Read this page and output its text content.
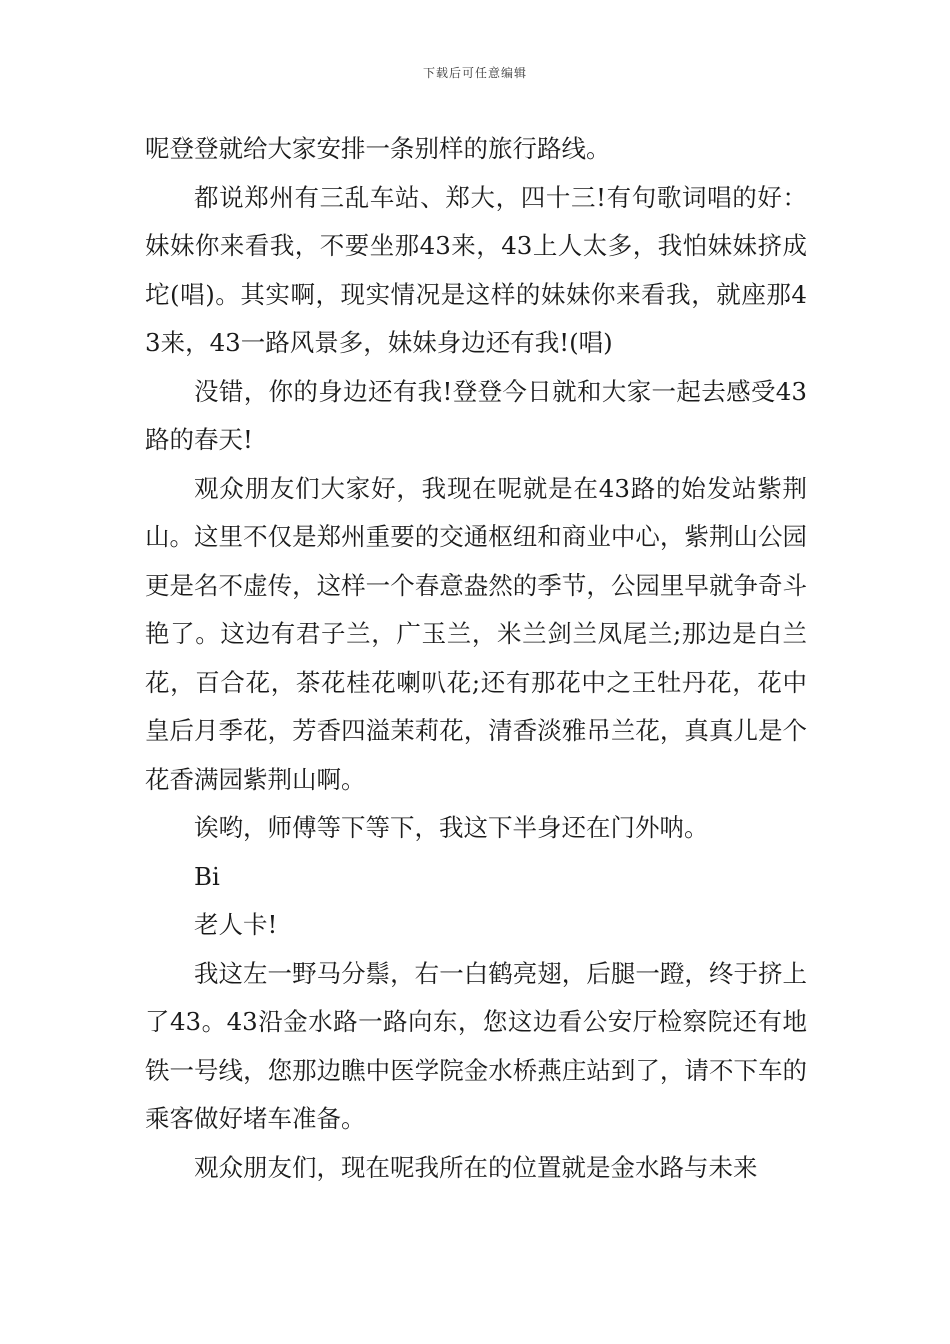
下载后可任意编辑

呢登登就给大家安排一条别样的旅行路线。

都说郑州有三乱车站、郑大，四十三!有句歌词唱的好：妹妹你来看我，不要坐那43来，43上人太多，我怕妹妹挤成坨(唱)。其实啊，现实情况是这样的妹妹你来看我，就座那43来，43一路风景多，妹妹身边还有我!(唱)

没错，你的身边还有我!登登今日就和大家一起去感受43路的春天!

观众朋友们大家好，我现在呢就是在43路的始发站紫荆山。这里不仅是郑州重要的交通枢纽和商业中心，紫荆山公园更是名不虚传，这样一个春意盎然的季节，公园里早就争奇斗艳了。这边有君子兰，广玉兰，米兰剑兰凤尾兰;那边是白兰花，百合花，茶花桂花喇叭花;还有那花中之王牡丹花，花中皇后月季花，芳香四溢茉莉花，清香淡雅吊兰花，真真儿是个花香满园紫荆山啊。

诶哟，师傅等下等下，我这下半身还在门外呐。

Bi

老人卡!

我这左一野马分鬃，右一白鹤亮翅，后腿一蹬，终于挤上了43。43沿金水路一路向东，您这边看公安厅检察院还有地铁一号线，您那边瞧中医学院金水桥燕庄站到了，请不下车的乘客做好堵车准备。

观众朋友们，现在呢我所在的位置就是金水路与未来
